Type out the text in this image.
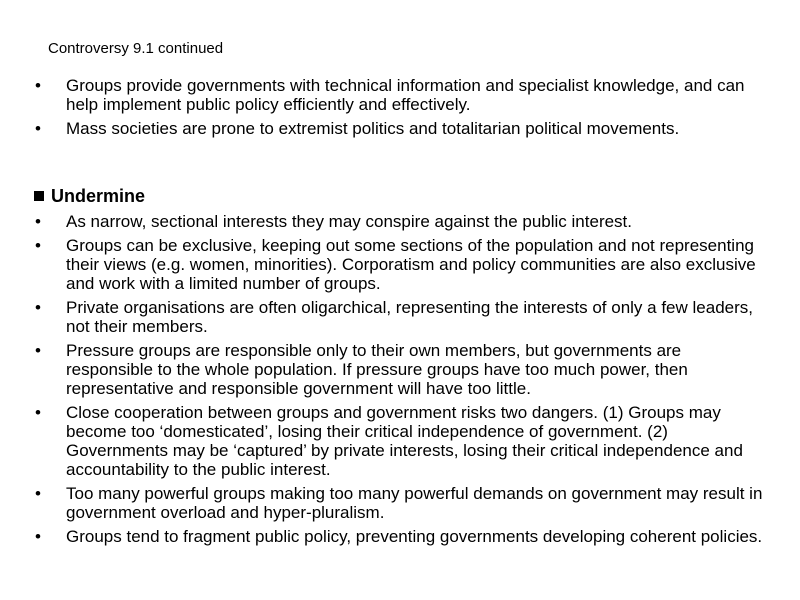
Controversy 9.1 continued
• Groups provide governments with technical information and specialist knowledge, and can help implement public policy efficiently and effectively.
• Mass societies are prone to extremist politics and totalitarian political movements.
Undermine
• As narrow, sectional interests they may conspire against the public interest.
• Groups can be exclusive, keeping out some sections of the population and not representing their views (e.g. women, minorities). Corporatism and policy communities are also exclusive and work with a limited number of groups.
• Private organisations are often oligarchical, representing the interests of only a few leaders, not their members.
• Pressure groups are responsible only to their own members, but governments are responsible to the whole population. If pressure groups have too much power, then representative and responsible government will have too little.
• Close cooperation between groups and government risks two dangers. (1) Groups may become too ‘domesticated’, losing their critical independence of government. (2) Governments may be ‘captured’ by private interests, losing their critical independence and accountability to the public interest.
• Too many powerful groups making too many powerful demands on government may result in government overload and hyper-pluralism.
• Groups tend to fragment public policy, preventing governments developing coherent policies.
